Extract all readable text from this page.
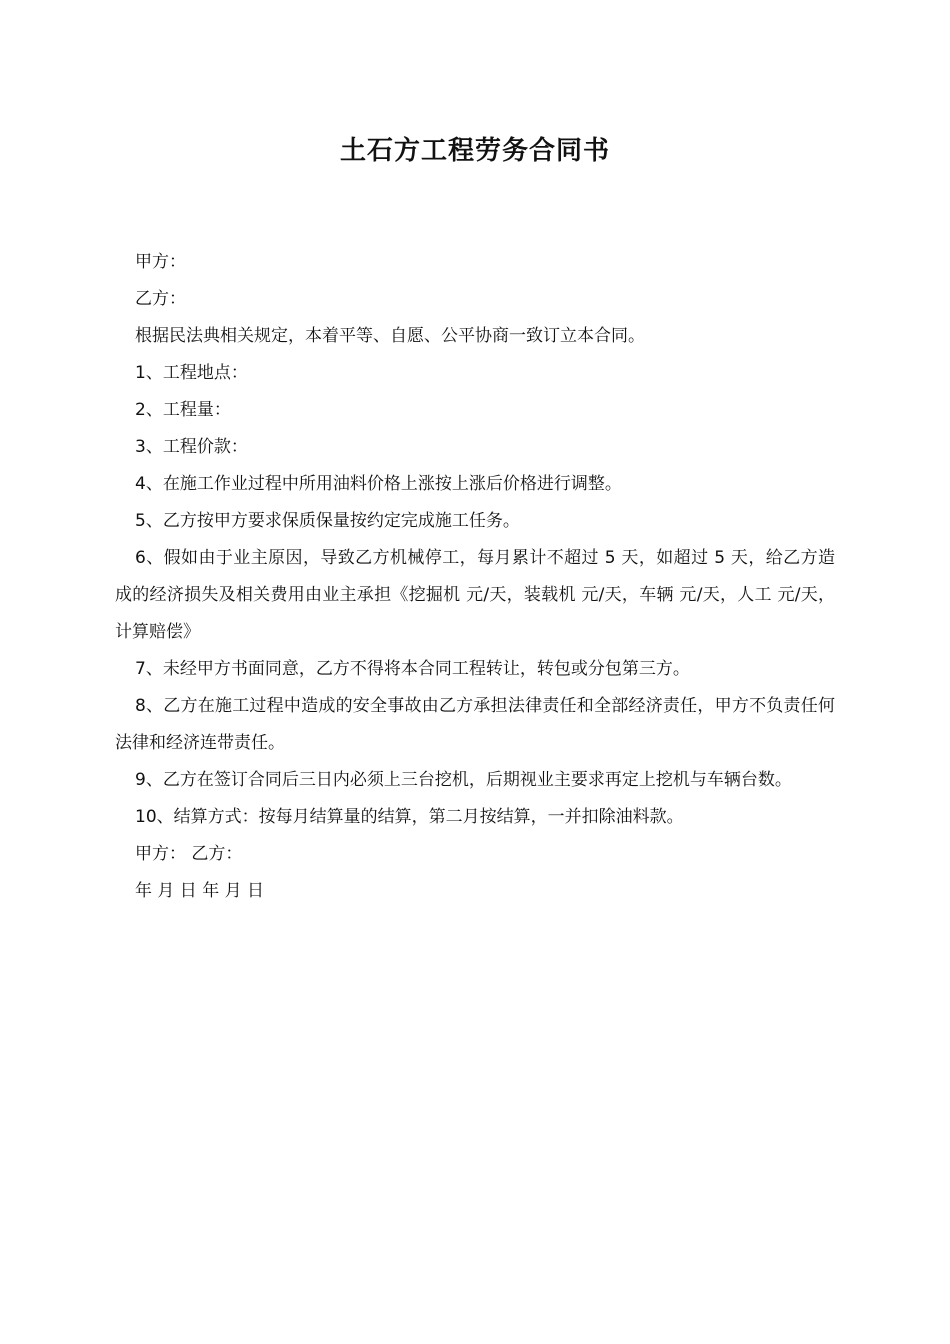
土石方工程劳务合同书

甲方：

乙方：

根据民法典相关规定，本着平等、自愿、公平协商一致订立本合同。

1、工程地点：

2、工程量：

3、工程价款：

4、在施工作业过程中所用油料价格上涨按上涨后价格进行调整。

5、乙方按甲方要求保质保量按约定完成施工任务。

6、假如由于业主原因，导致乙方机械停工，每月累计不超过 5 天，如超过 5 天，给乙方造成的经济损失及相关费用由业主承担《挖掘机 元/天，装载机 元/天，车辆 元/天，人工 元/天，计算赔偿》

7、未经甲方书面同意，乙方不得将本合同工程转让，转包或分包第三方。

8、乙方在施工过程中造成的安全事故由乙方承担法律责任和全部经济责任，甲方不负责任何法律和经济连带责任。

9、乙方在签订合同后三日内必须上三台挖机，后期视业主要求再定上挖机与车辆台数。

10、结算方式：按每月结算量的结算，第二月按结算，一并扣除油料款。

甲方： 乙方：

年 月 日 年 月 日
